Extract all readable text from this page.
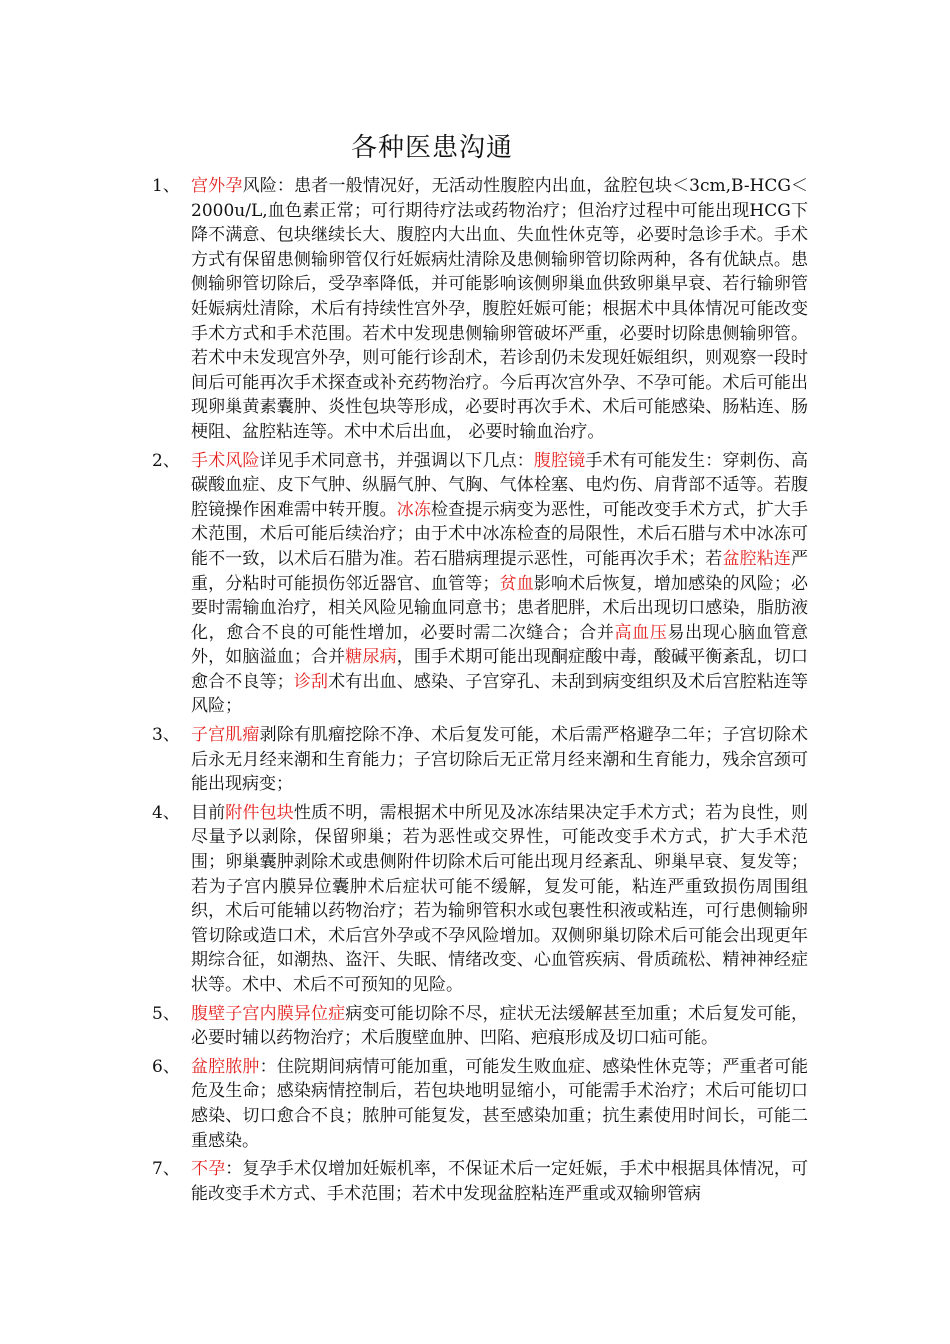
各种医患沟通
1、 宫外孕风险：患者一般情况好，无活动性腹腔内出血，盆腔包块＜3cm,B-HCG＜ 2000u/L,血色素正常；可行期待疗法或药物治疗；但治疗过程中可能出现HCG下降不满意、包块继续长大、腹腔内大出血、失血性休克等，必要时急诊手术。手术方式有保留患侧输卵管仅行妊娠病灶清除及患侧输卵管切除两种，各有优缺点。患侧输卵管切除后，受孕率降低，并可能影响该侧卵巢血供致卵巢早衰、若行输卵管妊娠病灶清除，术后有持续性宫外孕，腹腔妊娠可能；根据术中具体情况可能改变手术方式和手术范围。若术中发现患侧输卵管破坏严重，必要时切除患侧输卵管。若术中未发现宫外孕，则可能行诊刮术，若诊刮仍未发现妊娠组织，则观察一段时间后可能再次手术探查或补充药物治疗。今后再次宫外孕、不孕可能。术后可能出现卵巢黄素囊肿、炎性包块等形成，必要时再次手术、术后可能感染、肠粘连、肠梗阻、盆腔粘连等。术中术后出血， 必要时输血治疗。
2、 手术风险详见手术同意书，并强调以下几点：腹腔镜手术有可能发生：穿刺伤、高碳酸血症、皮下气肿、纵膈气肿、气胸、气体栓塞、电灼伤、肩背部不适等。若腹腔镜操作困难需中转开腹。冰冻检查提示病变为恶性，可能改变手术方式，扩大手术范围，术后可能后续治疗；由于术中冰冻检查的局限性，术后石腊与术中冰冻可能不一致，以术后石腊为准。若石腊病理提示恶性，可能再次手术；若盆腔粘连严重，分粘时可能损伤邻近器官、血管等；贫血影响术后恢复，增加感染的风险；必要时需输血治疗，相关风险见输血同意书；患者肥胖，术后出现切口感染，脂肪液化，愈合不良的可能性增加，必要时需二次缝合；合并高血压易出现心脑血管意外，如脑溢血；合并糖尿病，围手术期可能出现酮症酸中毒，酸碱平衡紊乱，切口愈合不良等；诊刮术有出血、感染、子宫穿孔、未刮到病变组织及术后宫腔粘连等风险；
3、 子宫肌瘤剥除有肌瘤挖除不净、术后复发可能，术后需严格避孕二年；子宫切除术后永无月经来潮和生育能力；子宫切除后无正常月经来潮和生育能力，残余宫颈可能出现病变；
4、 目前附件包块性质不明，需根据术中所见及冰冻结果决定手术方式；若为良性，则尽量予以剥除，保留卵巢；若为恶性或交界性，可能改变手术方式，扩大手术范围；卵巢囊肿剥除术或患侧附件切除术后可能出现月经紊乱、卵巢早衰、复发等；若为子宫内膜异位囊肿术后症状可能不缓解，复发可能，粘连严重致损伤周围组织，术后可能辅以药物治疗；若为输卵管积水或包裹性积液或粘连，可行患侧输卵管切除或造口术，术后宫外孕或不孕风险增加。双侧卵巢切除术后可能会出现更年期综合征，如潮热、盗汗、失眠、情绪改变、心血管疾病、骨质疏松、精神神经症状等。术中、术后不可预知的见险。
5、 腹壁子宫内膜异位症病变可能切除不尽，症状无法缓解甚至加重；术后复发可能，必要时辅以药物治疗；术后腹壁血肿、凹陷、疤痕形成及切口疝可能。
6、 盆腔脓肿：住院期间病情可能加重，可能发生败血症、感染性休克等；严重者可能危及生命；感染病情控制后，若包块地明显缩小，可能需手术治疗；术后可能切口感染、切口愈合不良；脓肿可能复发，甚至感染加重；抗生素使用时间长，可能二重感染。
7、 不孕：复孕手术仅增加妊娠机率，不保证术后一定妊娠，手术中根据具体情况，可能改变手术方式、手术范围；若术中发现盆腔粘连严重或双输卵管病
